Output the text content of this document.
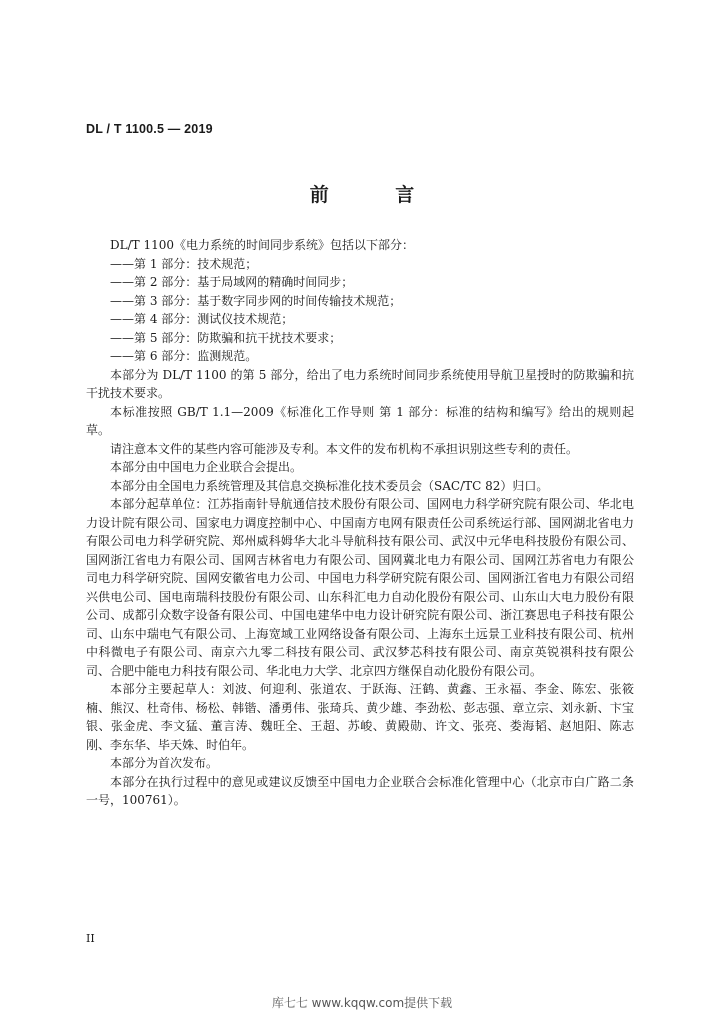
DL / T 1100.5 — 2019
前 言

DL/T 1100《电力系统的时间同步系统》包括以下部分：

——第 1 部分：技术规范；

——第 2 部分：基于局域网的精确时间同步；

——第 3 部分：基于数字同步网的时间传输技术规范；

——第 4 部分：测试仪技术规范；

——第 5 部分：防欺骗和抗干扰技术要求；

——第 6 部分：监测规范。

本部分为 DL/T 1100 的第 5 部分，给出了电力系统时间同步系统使用导航卫星授时的防欺骗和抗干扰技术要求。

本标准按照 GB/T 1.1—2009《标准化工作导则 第 1 部分：标准的结构和编写》给出的规则起草。

请注意本文件的某些内容可能涉及专利。本文件的发布机构不承担识别这些专利的责任。

本部分由中国电力企业联合会提出。

本部分由全国电力系统管理及其信息交换标准化技术委员会（SAC/TC 82）归口。

本部分起草单位：江苏指南针导航通信技术股份有限公司、国网电力科学研究院有限公司、华北电力设计院有限公司、国家电力调度控制中心、中国南方电网有限责任公司系统运行部、国网湖北省电力有限公司电力科学研究院、郑州威科姆华大北斗导航科技有限公司、武汉中元华电科技股份有限公司、国网浙江省电力有限公司、国网吉林省电力有限公司、国网冀北电力有限公司、国网江苏省电力有限公司电力科学研究院、国网安徽省电力公司、中国电力科学研究院有限公司、国网浙江省电力有限公司绍兴供电公司、国电南瑞科技股份有限公司、山东科汇电力自动化股份有限公司、山东山大电力股份有限公司、成都引众数字设备有限公司、中国电建华中电力设计研究院有限公司、浙江赛思电子科技有限公司、山东中瑞电气有限公司、上海宽域工业网络设备有限公司、上海东土远景工业科技有限公司、杭州中科微电子有限公司、南京六九零二科技有限公司、武汉梦芯科技有限公司、南京英锐祺科技有限公司、合肥中能电力科技有限公司、华北电力大学、北京四方继保自动化股份有限公司。

本部分主要起草人：刘波、何迎利、张道农、于跃海、汪鹤、黄鑫、王永福、李金、陈宏、张筱楠、熊汉、杜奇伟、杨松、韩锴、潘勇伟、张琦兵、黄少雄、李劲松、彭志强、章立宗、刘永新、卞宝银、张金虎、李文猛、董言涛、魏旺全、王超、苏峻、黄殿勋、许文、张亮、娄海韬、赵旭阳、陈志刚、李东华、毕天姝、时伯年。

本部分为首次发布。

本部分在执行过程中的意见或建议反馈至中国电力企业联合会标准化管理中心（北京市白广路二条一号，100761）。

II
库七七 www.kqqw.com提供下载
